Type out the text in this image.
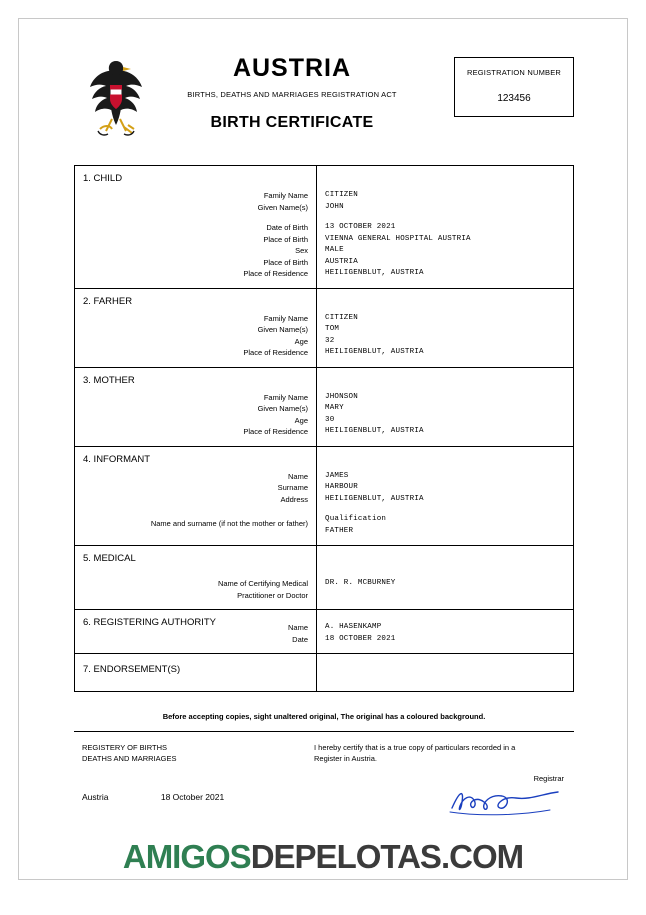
AUSTRIA
BIRTHS, DEATHS AND MARRIAGES REGISTRATION ACT
BIRTH CERTIFICATE
REGISTRATION NUMBER
123456
1. CHILD
Family Name
Given Name(s)
Date of Birth
Place of Birth
Sex
Place of Birth
Place of Residence

CITIZEN
JOHN
13 OCTOBER 2021
VIENNA GENERAL HOSPITAL AUSTRIA
MALE
AUSTRIA
HEILIGENBLUT, AUSTRIA
2. FARHER
Family Name
Given Name(s)
Age
Place of Residence

CITIZEN
TOM
32
HEILIGENBLUT, AUSTRIA
3. MOTHER
Family Name
Given Name(s)
Age
Place of Residence

JHONSON
MARY
30
HEILIGENBLUT, AUSTRIA
4. INFORMANT
Name
Surname
Address
Name and surname (if not the mother or father)

JAMES
HARBOUR
HEILIGENBLUT, AUSTRIA
Qualification
FATHER
5. MEDICAL
Name of Certifying Medical
Practitioner or Doctor
DR. R. MCBURNEY
6. REGISTERING AUTHORITY	Name
Date
A. HASENKAMP
18 OCTOBER 2021
7. ENDORSEMENT(S)

Before accepting copies, sight unaltered original, The original has a coloured background.
REGISTERY OF BIRTHS
DEATHS AND MARRIAGES
I hereby certify that is a true copy of particulars recorded in a
Register in Austria.
Registrar
Austria	18 October 2021
AMIGOSDEPELOTAS.COM
